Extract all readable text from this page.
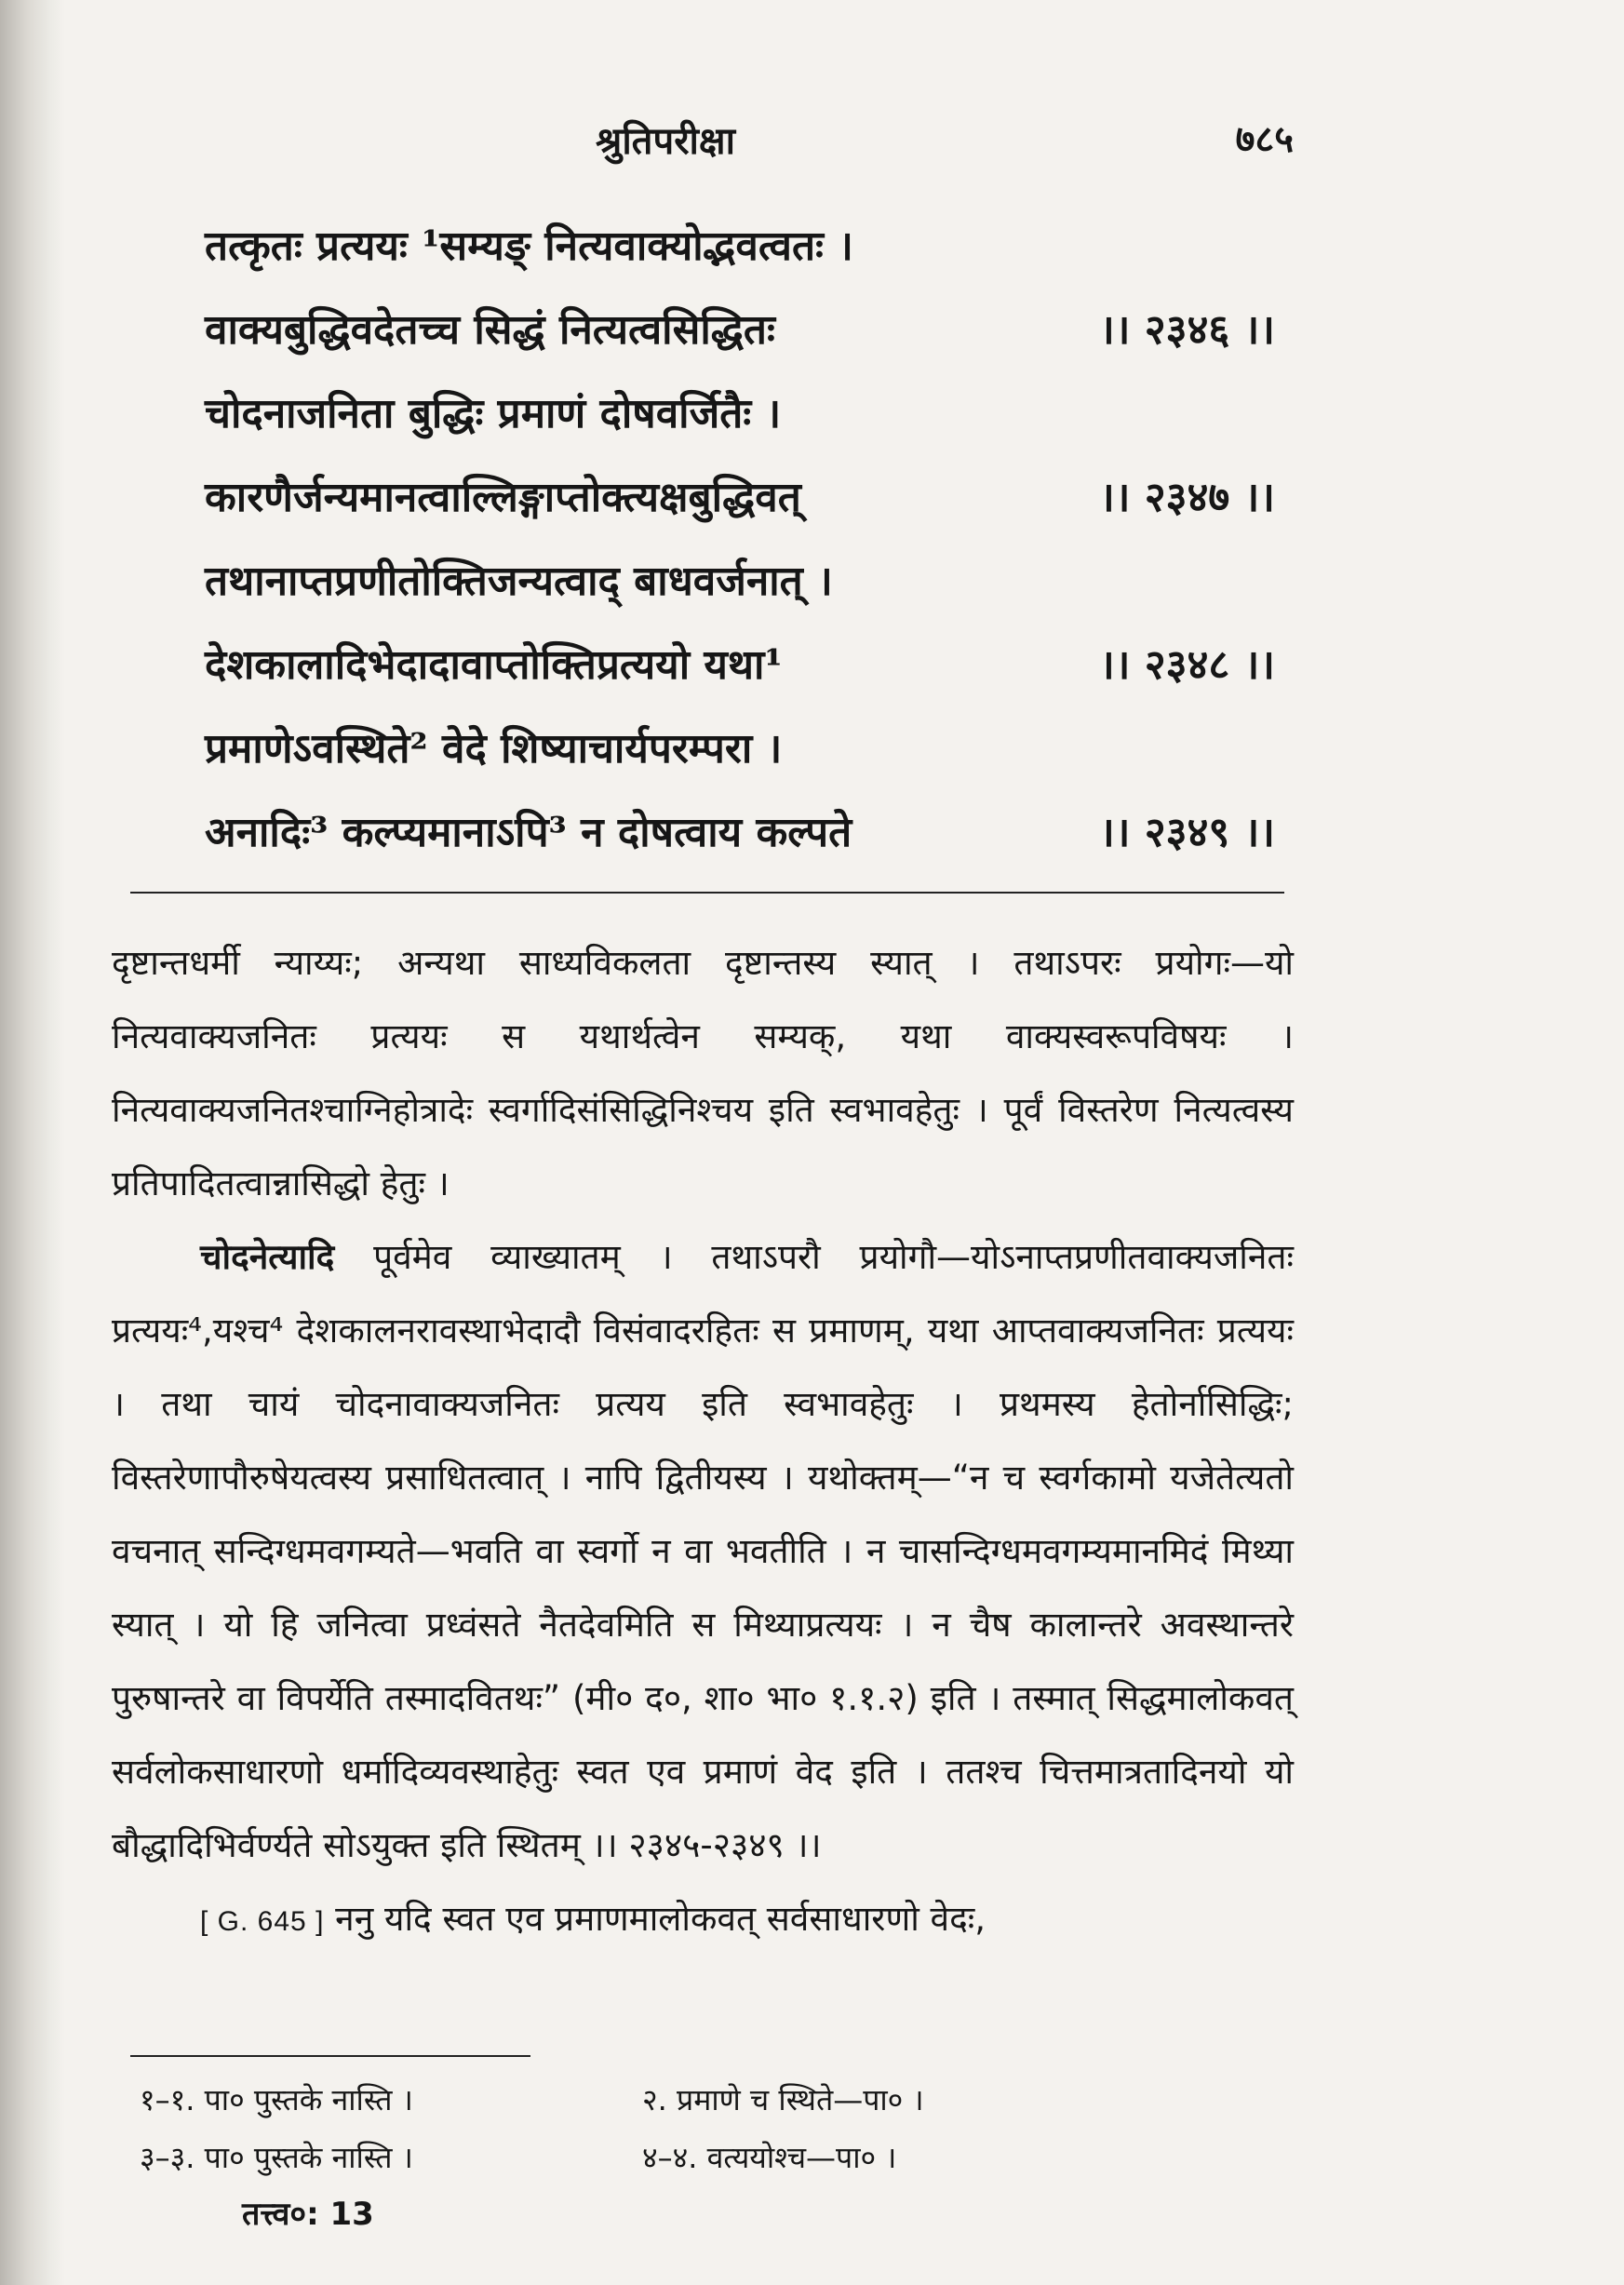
श्रुतिपरीक्षा	७८५
तत्कृतः प्रत्ययः ¹सम्यङ् नित्यवाक्योद्भवत्वतः ।
वाक्यबुद्धिवदेतच्च सिद्धं नित्यत्वसिद्धितः	।। २३४६ ।।
चोदनाजनिता बुद्धिः प्रमाणं दोषवर्जितैः ।
कारणैर्जन्यमानत्वाल्लिङ्गाप्तोक्त्यक्षबुद्धिवत्	।। २३४७ ।।
तथानाप्तप्रणीतोक्तिजन्यत्वाद् बाधवर्जनात् ।
देशकालादिभेदादावाप्तोक्तिप्रत्ययो यथा¹	।। २३४८ ।।
प्रमाणेऽवस्थिते² वेदे शिष्याचार्यपरम्परा ।
अनादिः³ कल्प्यमानाऽपि³ न दोषत्वाय कल्पते	।। २३४९ ।।

दृष्टान्तधर्मी न्याय्यः; अन्यथा साध्यविकलता दृष्टान्तस्य स्यात् । तथाऽपरः प्रयोगः—यो नित्यवाक्यजनितः प्रत्ययः स यथार्थत्वेन सम्यक्, यथा वाक्यस्वरूपविषयः । नित्यवाक्यजनितश्चाग्निहोत्रादेः स्वर्गादिसंसिद्धिनिश्चय इति स्वभावहेतुः । पूर्वं विस्तरेण नित्यत्वस्य प्रतिपादितत्वान्नासिद्धो हेतुः ।

चोदनेत्यादि पूर्वमेव व्याख्यातम् । तथाऽपरौ प्रयोगौ—योऽनाप्तप्रणीतवाक्यजनितः प्रत्ययः⁴,यश्च⁴ देशकालनरावस्थाभेदादौ विसंवादरहितः स प्रमाणम्, यथा आप्तवाक्यजनितः प्रत्ययः । तथा चायं चोदनावाक्यजनितः प्रत्यय इति स्वभावहेतुः । प्रथमस्य हेतोर्नासिद्धिः; विस्तरेणापौरुषेयत्वस्य प्रसाधितत्वात् । नापि द्वितीयस्य । यथोक्तम्—“न च स्वर्गकामो यजेतेत्यतो वचनात् सन्दिग्धमवगम्यते—भवति वा स्वर्गो न वा भवतीति । न चासन्दिग्धमवगम्यमानमिदं मिथ्या स्यात् । यो हि जनित्वा प्रध्वंसते नैतदेवमिति स मिथ्याप्रत्ययः । न चैष कालान्तरे अवस्थान्तरे पुरुषान्तरे वा विपर्येति तस्मादवितथः” (मी० द०, शा० भा० १.१.२) इति । तस्मात् सिद्धमालोकवत् सर्वलोकसाधारणो धर्मादिव्यवस्थाहेतुः स्वत एव प्रमाणं वेद इति । ततश्च चित्तमात्रतादिनयो यो बौद्धादिभिर्वर्ण्यते सोऽयुक्त इति स्थितम् ।। २३४५-२३४९ ।।

[ G. 645 ] ननु यदि स्वत एव प्रमाणमालोकवत् सर्वसाधारणो वेदः,

१–१. पा० पुस्तके नास्ति ।	२. प्रमाणे च स्थिते—पा० ।
३–३. पा० पुस्तके नास्ति ।	४–४. वत्ययोश्च—पा० ।
तत्त्व०: 13
